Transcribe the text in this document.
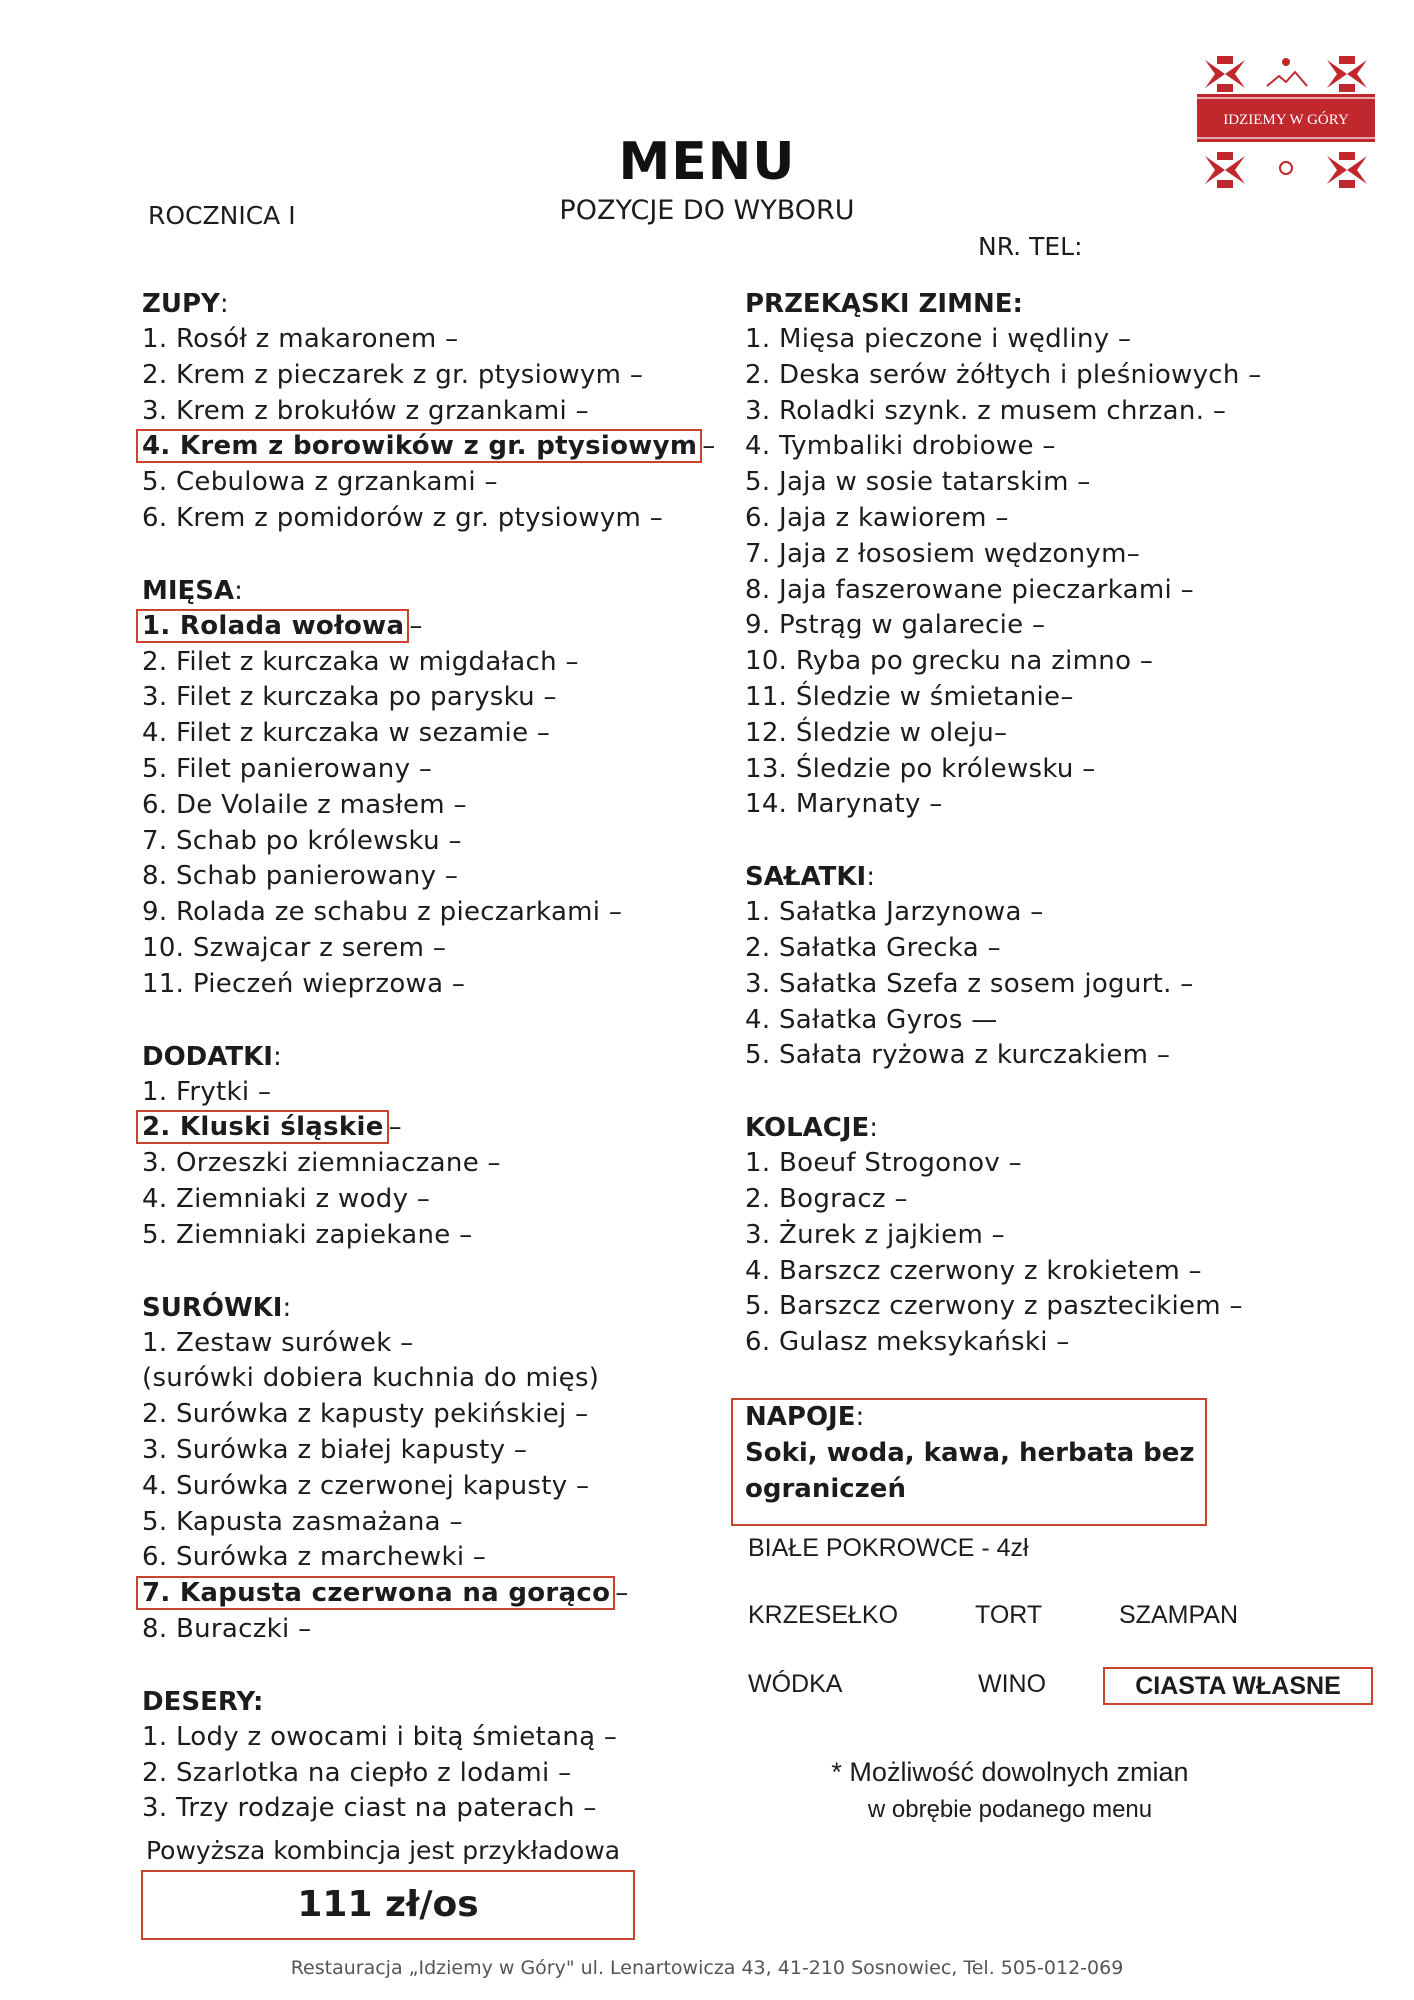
IDZIEMY W GÓRY
MENU
POZYCJE DO WYBORU
ROCZNICA I
NR. TEL:
ZUPY:
1. Rosół z makaronem –
2. Krem z pieczarek z gr. ptysiowym –
3. Krem z brokułów z grzankami –
4. Krem z borowików z gr. ptysiowym –
5. Cebulowa z grzankami –
6. Krem z pomidorów z gr. ptysiowym –
MIĘSA:
1. Rolada wołowa –
2. Filet z kurczaka w migdałach –
3. Filet z kurczaka po parysku –
4. Filet z kurczaka w sezamie –
5. Filet panierowany –
6. De Volaile z masłem –
7. Schab po królewsku –
8. Schab panierowany –
9. Rolada ze schabu z pieczarkami –
10. Szwajcar z serem –
11. Pieczeń wieprzowa –
DODATKI:
1. Frytki –
2. Kluski śląskie –
3. Orzeszki ziemniaczane –
4. Ziemniaki z wody –
5. Ziemniaki zapiekane –
SURÓWKI:
1. Zestaw surówek –
(surówki dobiera kuchnia do mięs)
2. Surówka z kapusty pekińskiej –
3. Surówka z białej kapusty –
4. Surówka z czerwonej kapusty –
5. Kapusta zasmażana –
6. Surówka z marchewki –
7. Kapusta czerwona na gorąco –
8. Buraczki –
DESERY:
1. Lody z owocami i bitą śmietaną –
2. Szarlotka na ciepło z lodami –
3. Trzy rodzaje ciast na paterach –
PRZEKĄSKI ZIMNE:
1. Mięsa pieczone i wędliny –
2. Deska serów żółtych i pleśniowych –
3. Roladki szynk. z musem chrzan. –
4. Tymbaliki drobiowe –
5. Jaja w sosie tatarskim –
6. Jaja z kawiorem –
7. Jaja z łososiem wędzonym–
8. Jaja faszerowane pieczarkami –
9. Pstrąg w galarecie –
10. Ryba po grecku na zimno –
11. Śledzie w śmietanie–
12. Śledzie w oleju–
13. Śledzie po królewsku –
14. Marynaty –
SAŁATKI:
1. Sałatka Jarzynowa –
2. Sałatka Grecka –
3. Sałatka Szefa z sosem jogurt. –
4. Sałatka Gyros —
5. Sałata ryżowa z kurczakiem –
KOLACJE:
1. Boeuf Strogonov –
2. Bogracz –
3. Żurek z jajkiem –
4. Barszcz czerwony z krokietem –
5. Barszcz czerwony z pasztecikiem –
6. Gulasz meksykański –
NAPOJE:
Soki, woda, kawa, herbata bez ograniczeń
BIAŁE POKROWCE - 4zł
KRZESEŁKO	TORT	SZAMPAN
WÓDKA	WINO	CIASTA WŁASNE
* Możliwość dowolnych zmian
w obrębie podanego menu
Powyższa kombincja jest przykładowa
111 zł/os
Restauracja „Idziemy w Góry" ul. Lenartowicza 43, 41-210 Sosnowiec, Tel. 505-012-069
